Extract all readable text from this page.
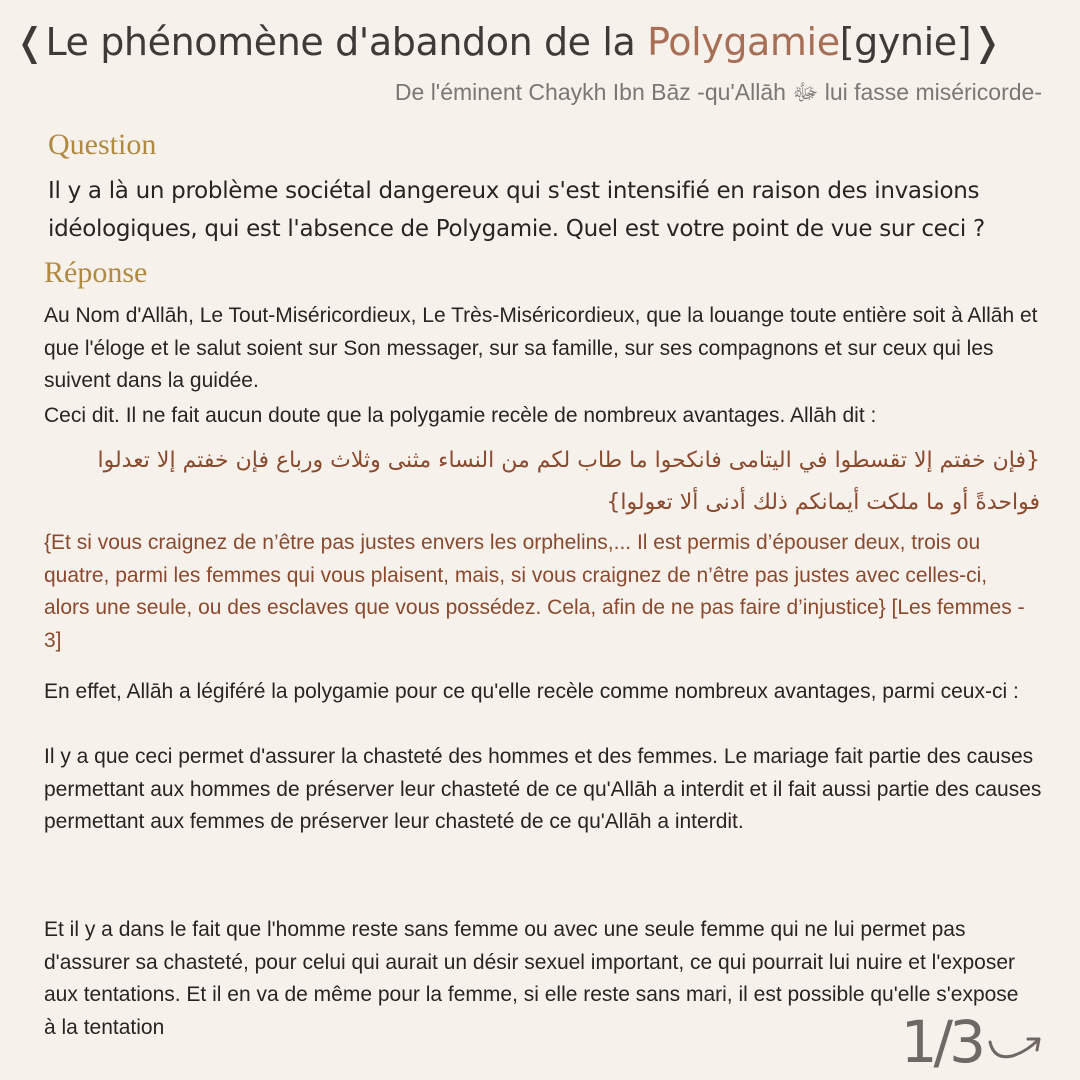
❬Le phénomène d'abandon de la Polygamie[gynie]❭
De l'éminent Chaykh Ibn Bāz -qu'Allāh ﷻ lui fasse miséricorde-
Question
Il y a là un problème sociétal dangereux qui s'est intensifié en raison des invasions idéologiques, qui est l'absence de Polygamie. Quel est votre point de vue sur ceci ?
Réponse
Au Nom d'Allāh, Le Tout-Miséricordieux, Le Très-Miséricordieux, que la louange toute entière soit à Allāh et que l'éloge et le salut soient sur Son messager, sur sa famille, sur ses compagnons et sur ceux qui les suivent dans la guidée.
Ceci dit. Il ne fait aucun doute que la polygamie recèle de nombreux avantages. Allāh dit :
{فإن خفتم إلا تقسطوا في اليتامى فانكحوا ما طاب لكم من النساء مثنى وثلاث ورباع فإن خفتم إلا تعدلوا فواحدةً أو ما ملكت أيمانكم ذلك أدنى ألا تعولوا}
{Et si vous craignez de n’être pas justes envers les orphelins,... Il est permis d’épouser deux, trois ou quatre, parmi les femmes qui vous plaisent, mais, si vous craignez de n’être pas justes avec celles-ci, alors une seule, ou des esclaves que vous possédez. Cela, afin de ne pas faire d’injustice} [Les femmes - 3]
En effet, Allāh a légiféré la polygamie pour ce qu'elle recèle comme nombreux avantages, parmi ceux-ci :
Il y a que ceci permet d'assurer la chasteté des hommes et des femmes. Le mariage fait partie des causes permettant aux hommes de préserver leur chasteté de ce qu'Allāh a interdit et il fait aussi partie des causes permettant aux femmes de préserver leur chasteté de ce qu'Allāh a interdit.
Et il y a dans le fait que l'homme reste sans femme ou avec une seule femme qui ne lui permet pas d'assurer sa chasteté, pour celui qui aurait un désir sexuel important, ce qui pourrait lui nuire et l'exposer aux tentations. Et il en va de même pour la femme, si elle reste sans mari, il est possible qu'elle s'expose à la tentation	1/3
